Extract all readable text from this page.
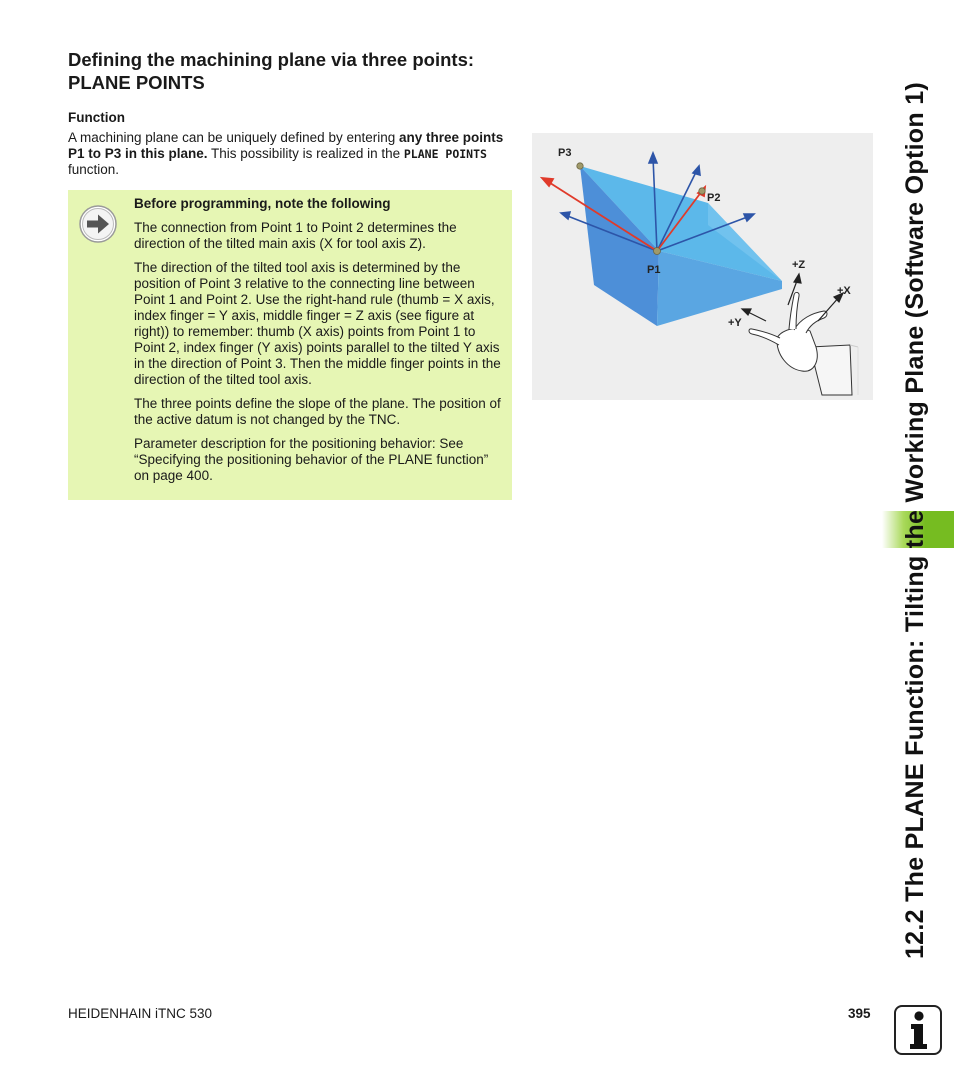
Defining the machining plane via three points:
PLANE POINTS
Function

A machining plane can be uniquely defined by entering any three points P1 to P3 in this plane. This possibility is realized in the PLANE POINTS function.

Before programming, note the following

The connection from Point 1 to Point 2 determines the direction of the tilted main axis (X for tool axis Z).

The direction of the tilted tool axis is determined by the position of Point 3 relative to the connecting line between Point 1 and Point 2. Use the right-hand rule (thumb = X axis, index finger = Y axis, middle finger = Z axis (see figure at right)) to remember: thumb (X axis) points from Point 1 to Point 2, index finger (Y axis) points parallel to the tilted Y axis in the direction of Point 3. Then the middle finger points in the direction of the tilted tool axis.

The three points define the slope of the plane. The position of the active datum is not changed by the TNC.

Parameter description for the positioning behavior: See “Specifying the positioning behavior of the PLANE function” on page 400.

P3
P2
P1	+Z
+X
+Y	12.2 The PLANE Function: Tilting the Working Plane (Software Option 1)
HEIDENHAIN iTNC 530	395
